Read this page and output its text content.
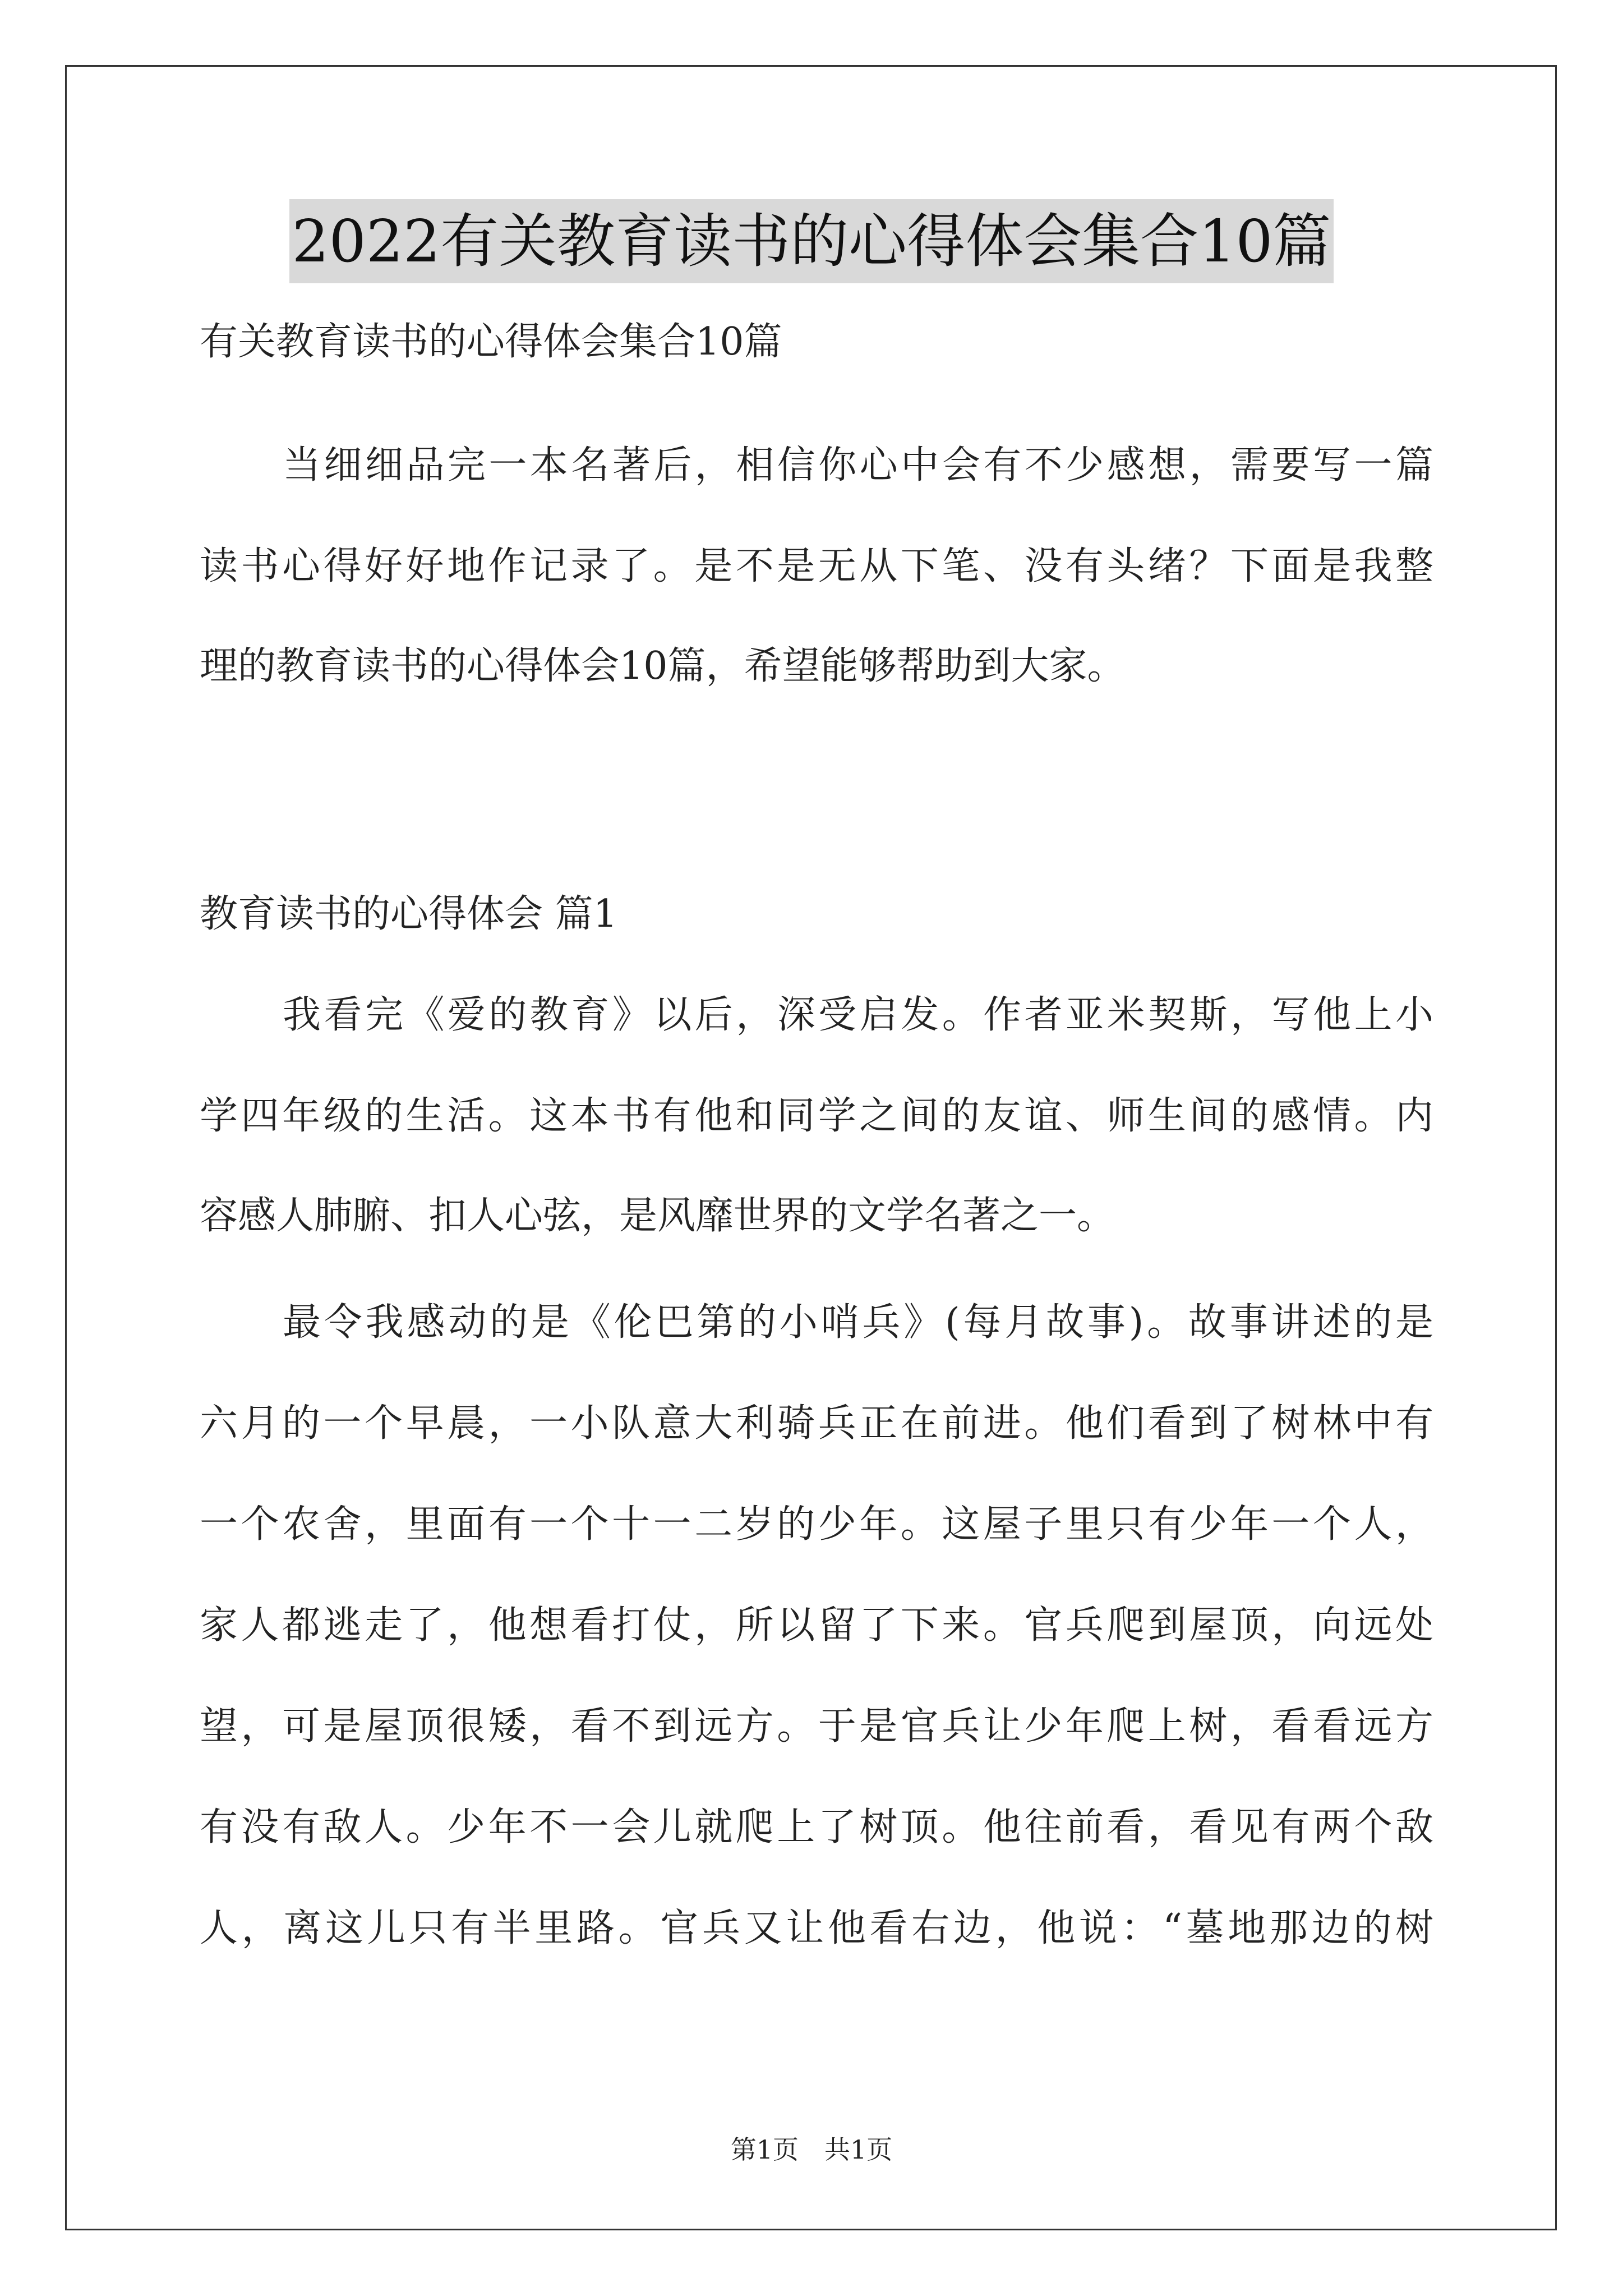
2022有关教育读书的心得体会集合10篇
有关教育读书的心得体会集合10篇
当细细品完一本名著后，相信你心中会有不少感想，需要写一篇
读书心得好好地作记录了。是不是无从下笔、没有头绪？下面是我整
理的教育读书的心得体会10篇，希望能够帮助到大家。
教育读书的心得体会 篇1
我看完《爱的教育》以后，深受启发。作者亚米契斯，写他上小
学四年级的生活。这本书有他和同学之间的友谊、师生间的感情。内
容感人肺腑、扣人心弦，是风靡世界的文学名著之一。
最令我感动的是《伦巴第的小哨兵》(每月故事)。故事讲述的是
六月的一个早晨，一小队意大利骑兵正在前进。他们看到了树林中有
一个农舍，里面有一个十一二岁的少年。这屋子里只有少年一个人，
家人都逃走了，他想看打仗，所以留了下来。官兵爬到屋顶，向远处
望，可是屋顶很矮，看不到远方。于是官兵让少年爬上树，看看远方
有没有敌人。少年不一会儿就爬上了树顶。他往前看，看见有两个敌
人，离这儿只有半里路。官兵又让他看右边，他说：“墓地那边的树
第1页 共1页
